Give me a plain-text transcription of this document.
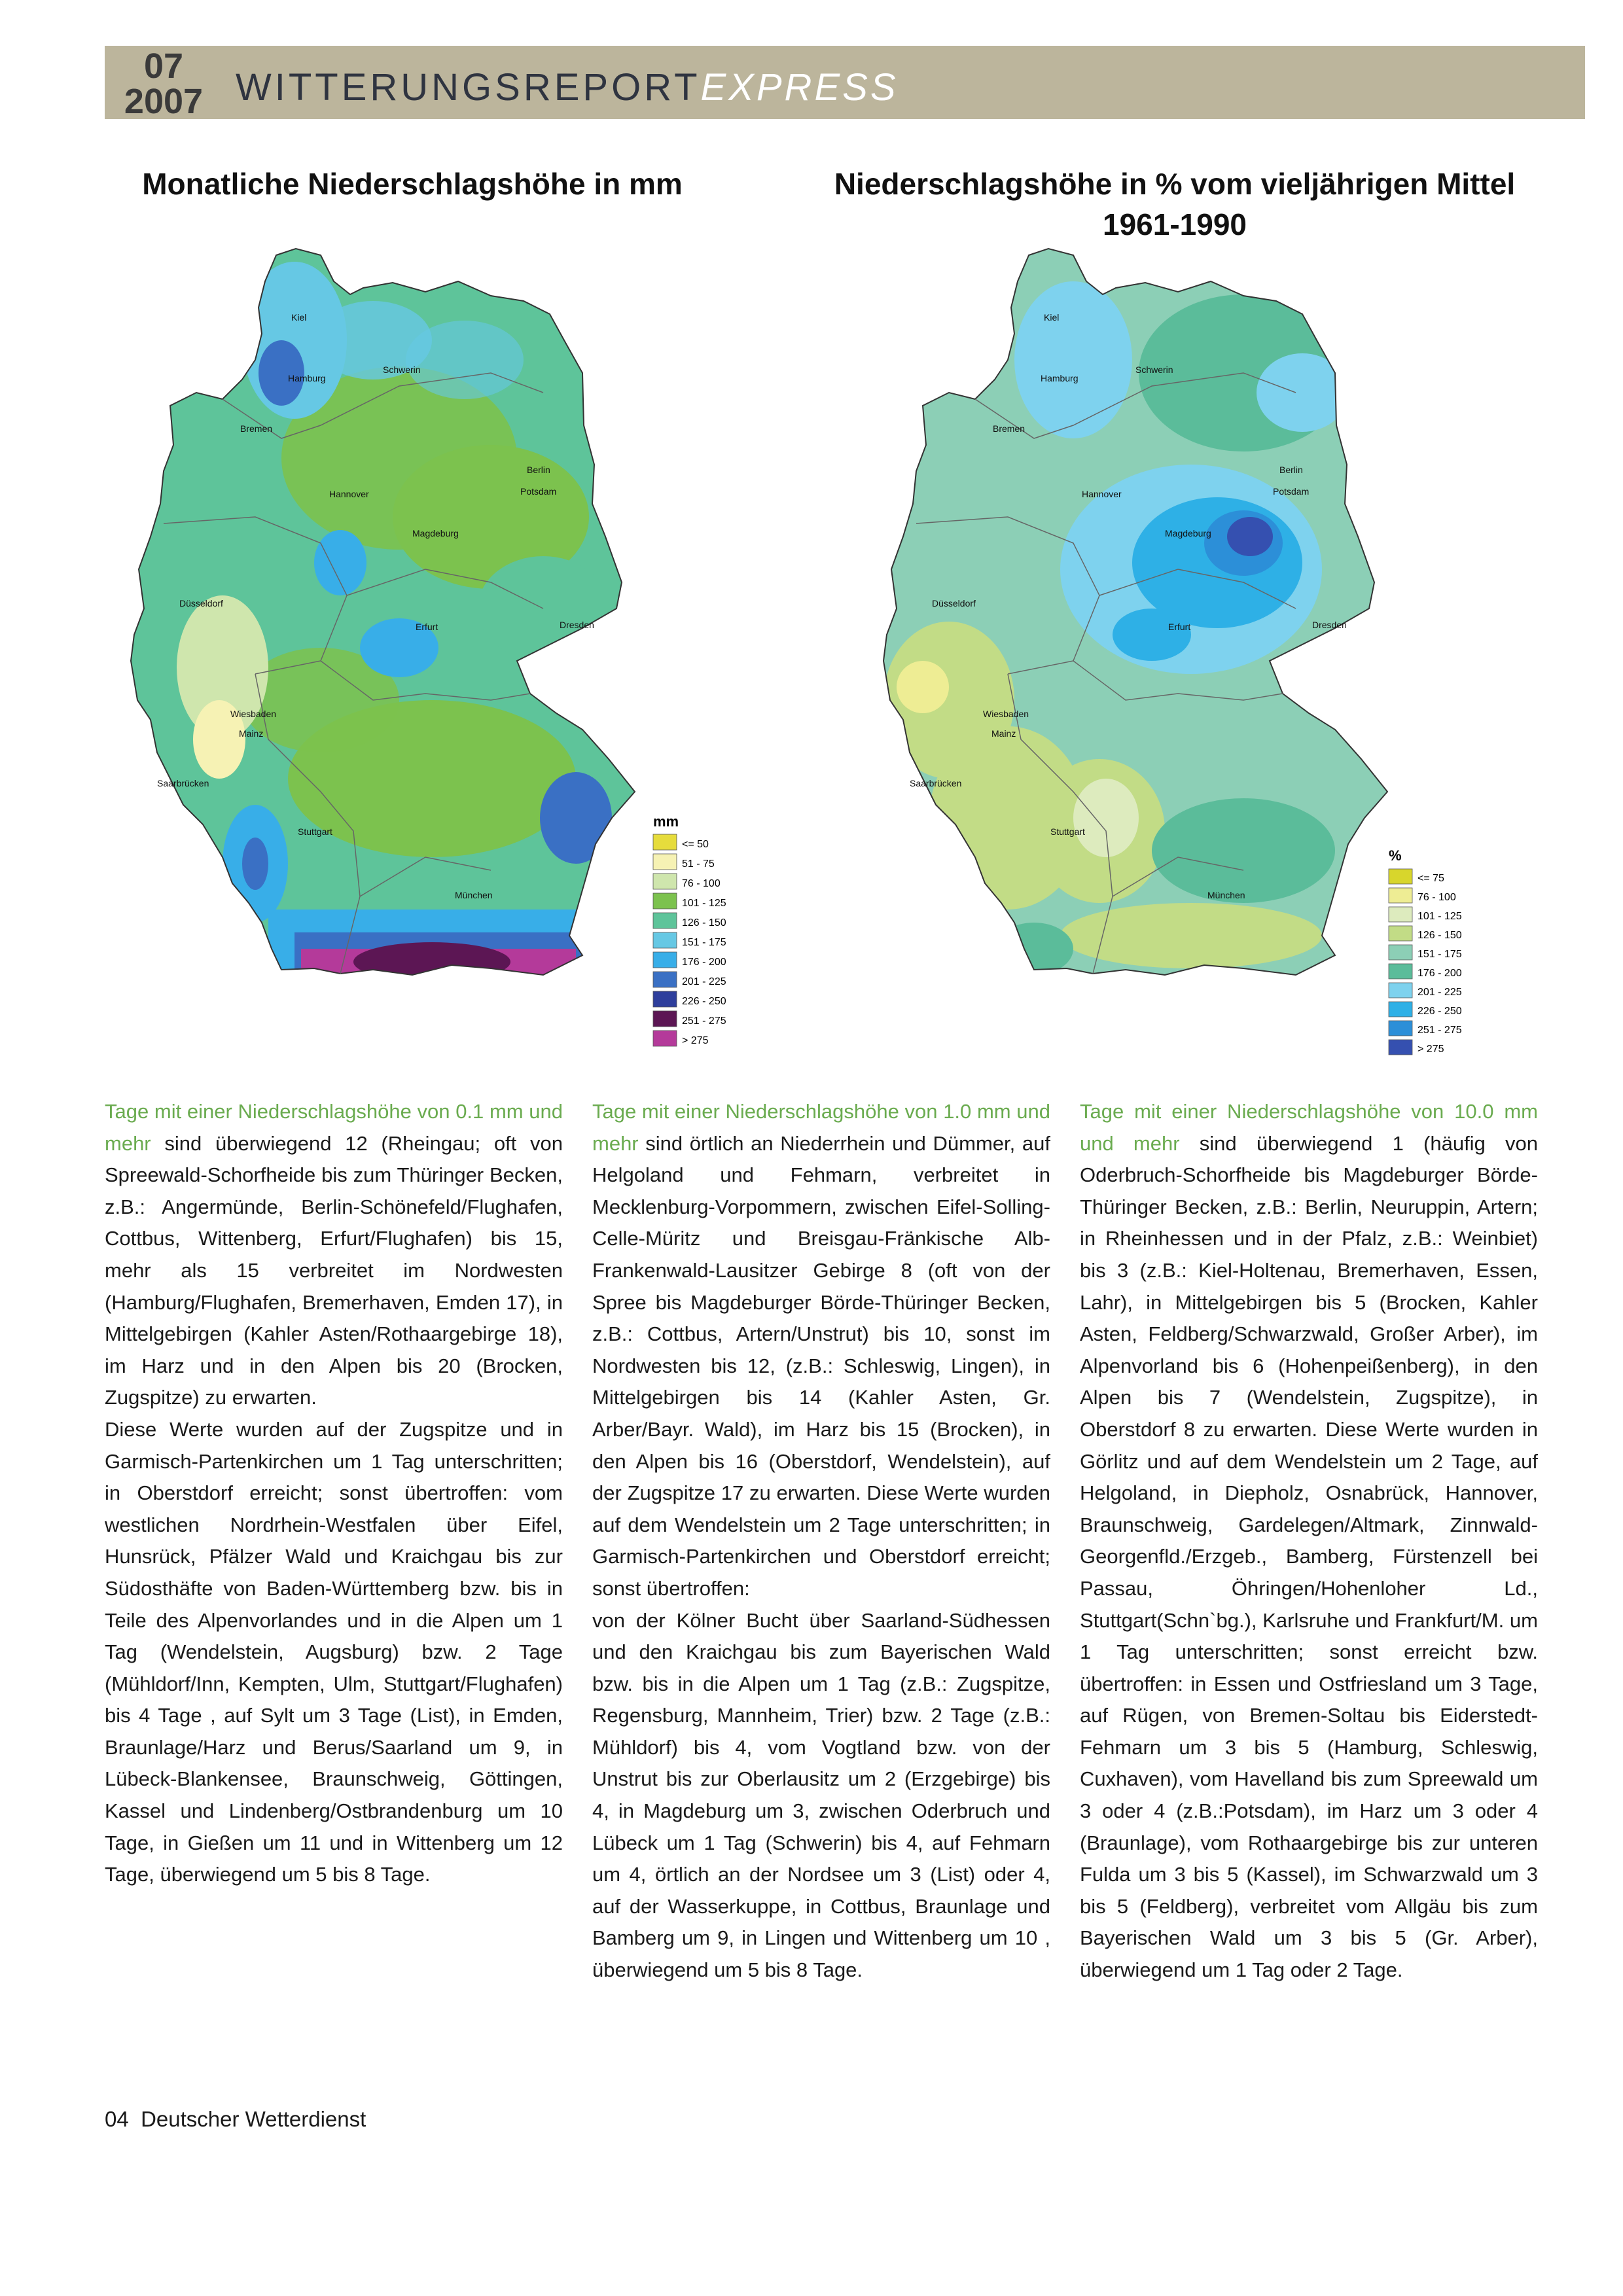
07
2007 WITTERUNGSREPORTEXPRESS
Monatliche Niederschlagshöhe in mm	Niederschlagshöhe in % vom vieljährigen Mittel
1961-1990
Kiel
Hamburg
Schwerin
Bremen
Berlin
Potsdam
Hannover
Magdeburg
Düsseldorf
Erfurt	Dresden
Wiesbaden
Mainz
Saarbrücken
Stuttgart
München
mm
<= 50
51 - 75
76 - 100
101 - 125
126 - 150
151 - 175
176 - 200
201 - 225
226 - 250
251 - 275
> 275
Kiel
Hamburg
Schwerin
Bremen
Berlin
Potsdam
Hannover
Magdeburg
Düsseldorf
Erfurt	Dresden
Wiesbaden
Mainz
Saarbrücken
Stuttgart
München
%
<= 75
76 - 100
101 - 125
126 - 150
151 - 175
176 - 200
201 - 225
226 - 250
251 - 275
> 275
Tage mit einer Niederschlagshöhe von 0.1 mm und mehr sind überwiegend 12 (Rheingau; oft von Spreewald-Schorfheide bis zum Thüringer Becken, z.B.: Angermünde, Berlin-Schönefeld/Flughafen, Cottbus, Wittenberg, Erfurt/Flughafen) bis 15, mehr als 15 verbreitet im Nordwesten (Hamburg/Flughafen, Bremerhaven, Emden 17), in Mittelgebirgen (Kahler Asten/Rothaargebirge 18), im Harz und in den Alpen bis 20 (Brocken, Zugspitze) zu erwarten.
Diese Werte wurden auf der Zugspitze und in Garmisch-Partenkirchen um 1 Tag unterschritten; in Oberstdorf erreicht; sonst übertroffen: vom westlichen Nordrhein-Westfalen über Eifel, Hunsrück, Pfälzer Wald und Kraichgau bis zur Südosthäfte von Baden-Württemberg bzw. bis in Teile des Alpenvorlandes und in die Alpen um 1 Tag (Wendelstein, Augsburg) bzw. 2 Tage (Mühldorf/Inn, Kempten, Ulm, Stuttgart/Flughafen) bis 4 Tage , auf Sylt um 3 Tage (List), in Emden, Braunlage/Harz und Berus/Saarland um 9, in Lübeck-Blankensee, Braunschweig, Göttingen, Kassel und Lindenberg/Ostbrandenburg um 10 Tage, in Gießen um 11 und in Wittenberg um 12 Tage, überwiegend um 5 bis 8 Tage.
Tage mit einer Niederschlagshöhe von 1.0 mm und mehr sind örtlich an Niederrhein und Dümmer, auf Helgoland und Fehmarn, verbreitet in Mecklenburg-Vorpommern, zwischen Eifel-Solling-Celle-Müritz und Breisgau-Fränkische Alb-Frankenwald-Lausitzer Gebirge 8 (oft von der Spree bis Magdeburger Börde-Thüringer Becken, z.B.: Cottbus, Artern/Unstrut) bis 10, sonst im Nordwesten bis 12, (z.B.: Schleswig, Lingen), in Mittelgebirgen bis 14 (Kahler Asten, Gr. Arber/Bayr. Wald), im Harz bis 15 (Brocken), in den Alpen bis 16 (Oberstdorf, Wendelstein), auf der Zugspitze 17 zu erwarten. Diese Werte wurden auf dem Wendelstein um 2 Tage unterschritten; in Garmisch-Partenkirchen und Oberstdorf erreicht; sonst übertroffen:
von der Kölner Bucht über Saarland-Südhessen und den Kraichgau bis zum Bayerischen Wald bzw. bis in die Alpen um 1 Tag (z.B.: Zugspitze, Regensburg, Mannheim, Trier) bzw. 2 Tage (z.B.: Mühldorf) bis 4, vom Vogtland bzw. von der Unstrut bis zur Oberlausitz um 2 (Erzgebirge) bis 4, in Magdeburg um 3, zwischen Oderbruch und Lübeck um 1 Tag (Schwerin) bis 4, auf Fehmarn um 4, örtlich an der Nordsee um 3 (List) oder 4, auf der Wasserkuppe, in Cottbus, Braunlage und Bamberg um 9, in Lingen und Wittenberg um 10 , überwiegend um 5 bis 8 Tage.
Tage mit einer Niederschlagshöhe von 10.0 mm und mehr sind überwiegend 1 (häufig von Oderbruch-Schorfheide bis Magdeburger Börde-Thüringer Becken, z.B.: Berlin, Neuruppin, Artern; in Rheinhessen und in der Pfalz, z.B.: Weinbiet) bis 3 (z.B.: Kiel-Holtenau, Bremerhaven, Essen, Lahr), in Mittelgebirgen bis 5 (Brocken, Kahler Asten, Feldberg/Schwarzwald, Großer Arber), im Alpenvorland bis 6 (Hohenpeißenberg), in den Alpen bis 7 (Wendelstein, Zugspitze), in Oberstdorf 8 zu erwarten. Diese Werte wurden in Görlitz und auf dem Wendelstein um 2 Tage, auf Helgoland, in Diepholz, Osnabrück, Hannover, Braunschweig, Gardelegen/Altmark, Zinnwald-Georgenfld./Erzgeb., Bamberg, Fürstenzell bei Passau, Öhringen/Hohenloher Ld., Stuttgart(Schn`bg.), Karlsruhe und Frankfurt/M. um 1 Tag unterschritten; sonst erreicht bzw. übertroffen: in Essen und Ostfriesland um 3 Tage, auf Rügen, von Bremen-Soltau bis Eiderstedt-Fehmarn um 3 bis 5 (Hamburg, Schleswig, Cuxhaven), vom Havelland bis zum Spreewald um 3 oder 4 (z.B.:Potsdam), im Harz um 3 oder 4 (Braunlage), vom Rothaargebirge bis zur unteren Fulda um 3 bis 5 (Kassel), im Schwarzwald um 3 bis 5 (Feldberg), verbreitet vom Allgäu bis zum Bayerischen Wald um 3 bis 5 (Gr. Arber), überwiegend um 1 Tag oder 2 Tage.
04 Deutscher Wetterdienst
